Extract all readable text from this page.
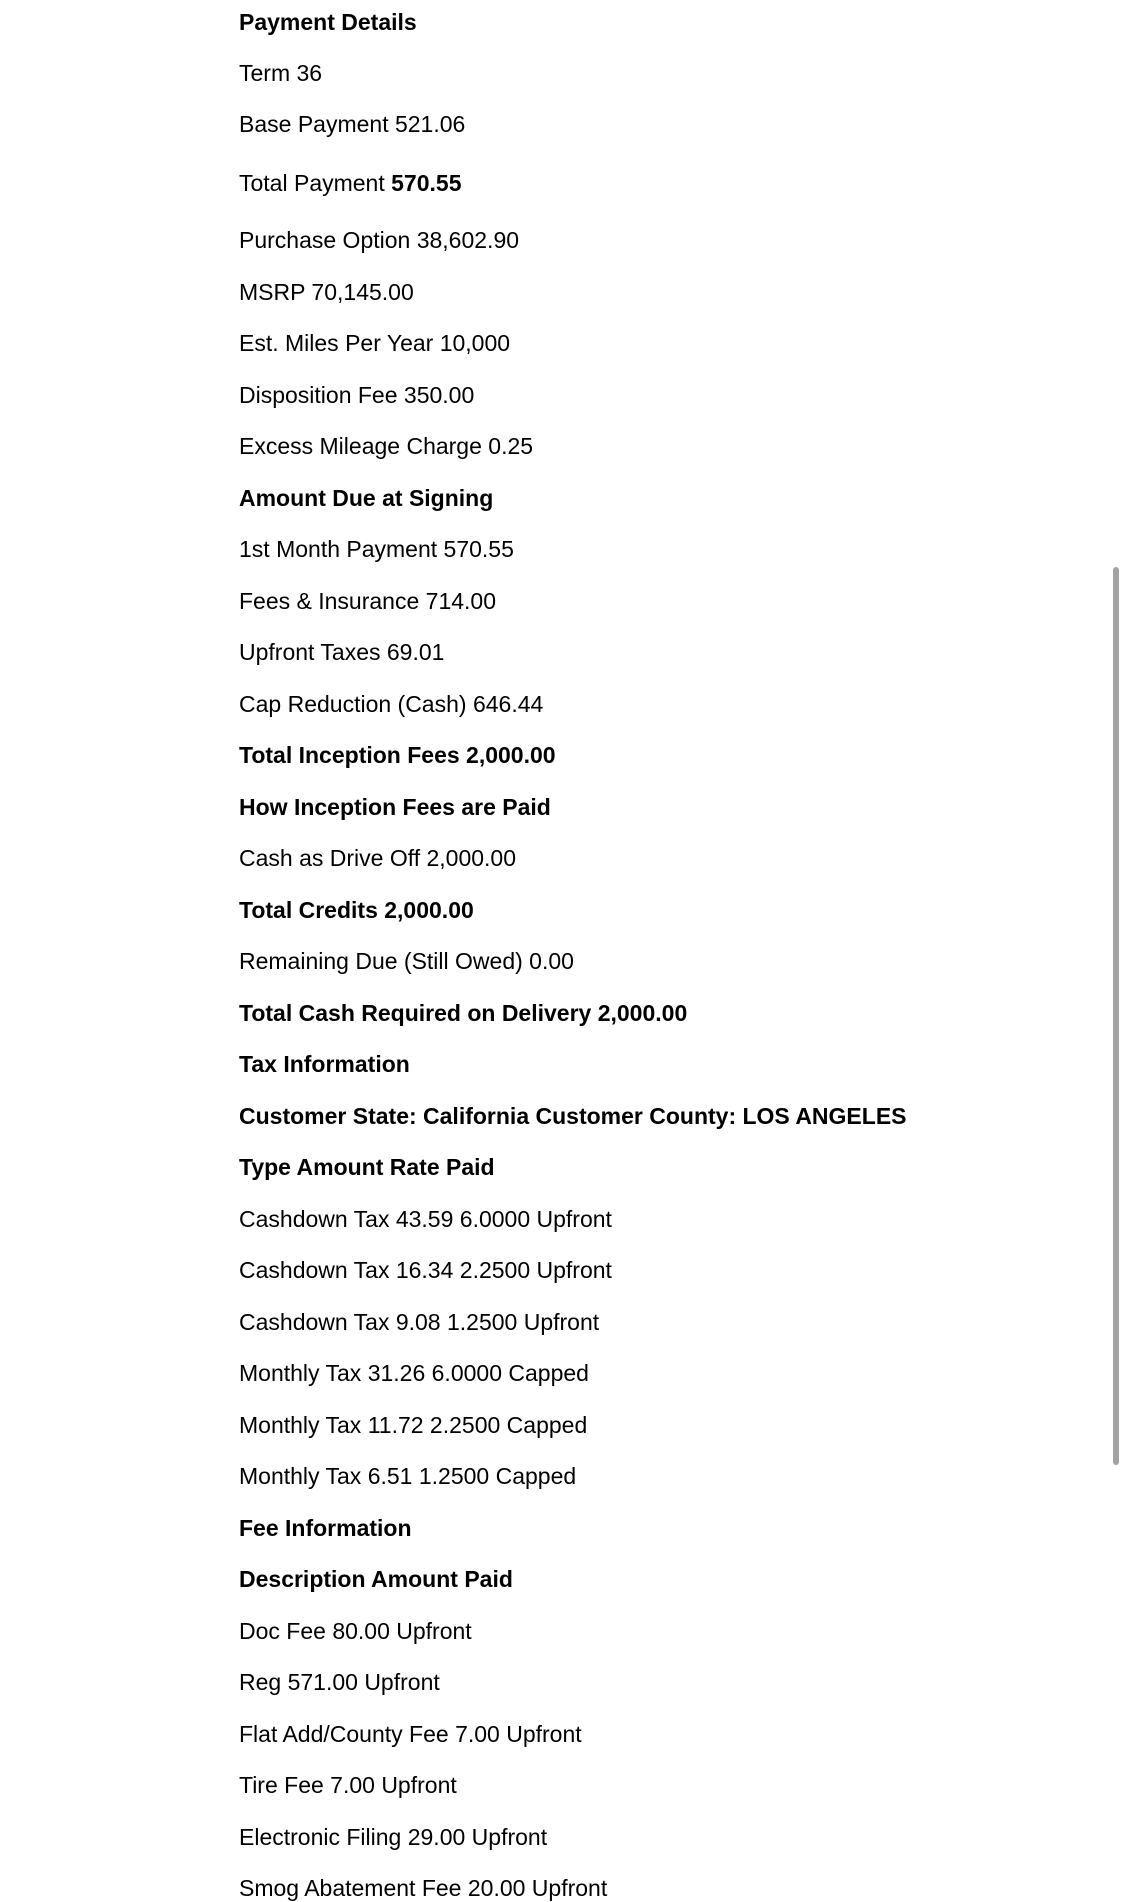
Payment Details

Term 36

Base Payment 521.06

Total Payment 570.55

Purchase Option 38,602.90

MSRP 70,145.00

Est. Miles Per Year 10,000

Disposition Fee 350.00

Excess Mileage Charge 0.25

Amount Due at Signing

1st Month Payment 570.55

Fees & Insurance 714.00

Upfront Taxes 69.01

Cap Reduction (Cash) 646.44

Total Inception Fees 2,000.00

How Inception Fees are Paid

Cash as Drive Off 2,000.00

Total Credits 2,000.00

Remaining Due (Still Owed) 0.00

Total Cash Required on Delivery 2,000.00

Tax Information

Customer State: California Customer County: LOS ANGELES

Type Amount Rate Paid

Cashdown Tax 43.59 6.0000 Upfront

Cashdown Tax 16.34 2.2500 Upfront

Cashdown Tax 9.08 1.2500 Upfront

Monthly Tax 31.26 6.0000 Capped

Monthly Tax 11.72 2.2500 Capped

Monthly Tax 6.51 1.2500 Capped

Fee Information

Description Amount Paid

Doc Fee 80.00 Upfront

Reg 571.00 Upfront

Flat Add/County Fee 7.00 Upfront

Tire Fee 7.00 Upfront

Electronic Filing 29.00 Upfront

Smog Abatement Fee 20.00 Upfront
